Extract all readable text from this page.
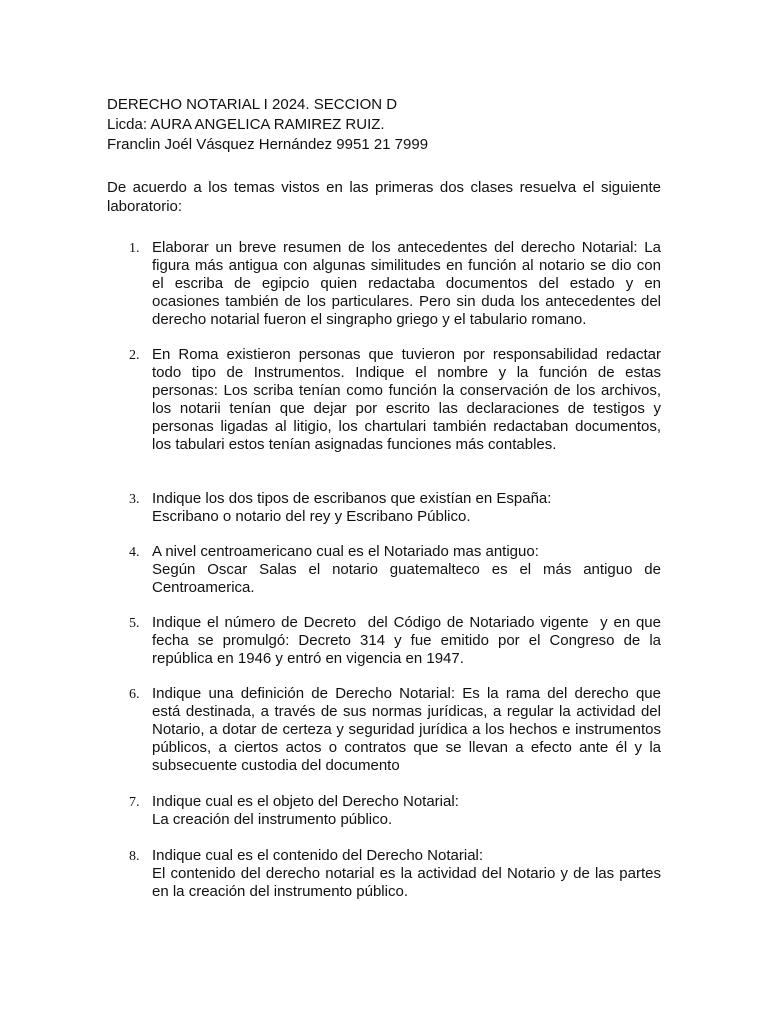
DERECHO NOTARIAL I 2024. SECCION D
Licda: AURA ANGELICA RAMIREZ RUIZ.
Franclin Joél Vásquez Hernández 9951 21 7999
De acuerdo a los temas vistos en las primeras dos clases resuelva el siguiente laboratorio:
1. Elaborar un breve resumen de los antecedentes del derecho Notarial: La
figura más antigua con algunas similitudes en función al notario se dio con
el escriba de egipcio quien redactaba documentos del estado y en
ocasiones también de los particulares. Pero sin duda los antecedentes del
derecho notarial fueron el singrapho griego y el tabulario romano.
2. En Roma existieron personas que tuvieron por responsabilidad redactar
todo tipo de Instrumentos. Indique el nombre y la función de estas
personas: Los scriba tenían como función la conservación de los archivos,
los notarii tenían que dejar por escrito las declaraciones de testigos y
personas ligadas al litigio, los chartulari también redactaban documentos,
los tabulari estos tenían asignadas funciones más contables.
3. Indique los dos tipos de escribanos que existían en España:
Escribano o notario del rey y Escribano Público.
4. A nivel centroamericano cual es el Notariado mas antiguo:
Según Oscar Salas el notario guatemalteco es el más antiguo de
Centroamerica.
5. Indique el número de Decreto  del Código de Notariado vigente  y en que
fecha se promulgó: Decreto 314 y fue emitido por el Congreso de la
república en 1946 y entró en vigencia en 1947.
6. Indique una definición de Derecho Notarial: Es la rama del derecho que
está destinada, a través de sus normas jurídicas, a regular la actividad del
Notario, a dotar de certeza y seguridad jurídica a los hechos e instrumentos
públicos, a ciertos actos o contratos que se llevan a efecto ante él y la
subsecuente custodia del documento
7. Indique cual es el objeto del Derecho Notarial:
La creación del instrumento público.
8. Indique cual es el contenido del Derecho Notarial:
El contenido del derecho notarial es la actividad del Notario y de las partes
en la creación del instrumento público.
